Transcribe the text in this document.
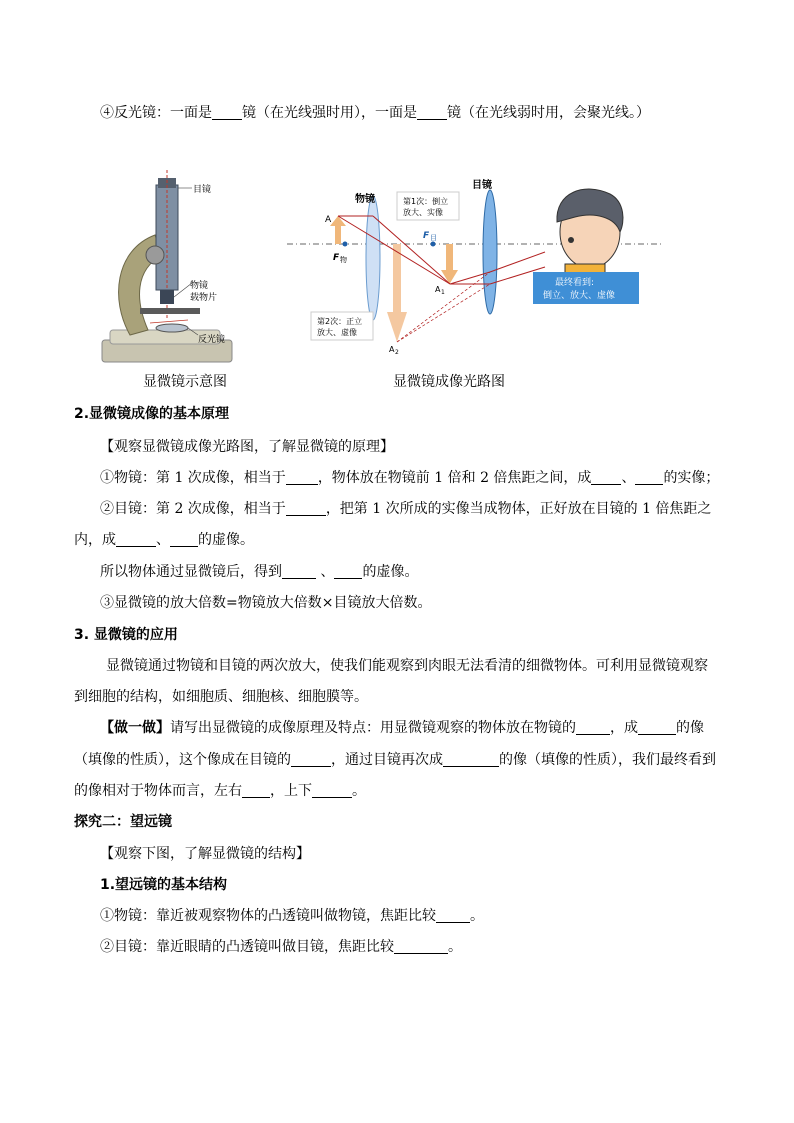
④反光镜：一面是 镜（在光线强时用），一面是 镜（在光线弱时用，会聚光线。）
目镜
物镜
载物片
反光镜
显微镜示意图
物镜
目镜
A
F 物
A 1
F 目
A 2
第1次：倒立
放大、实像
第2次：正立
放大、虚像
最终看到:
倒立、放大、虚像
显微镜成像光路图
2.显微镜成像的基本原理
【观察显微镜成像光路图，了解显微镜的原理】
①物镜：第 1 次成像，相当于 ，物体放在物镜前 1 倍和 2 倍焦距之间，成 、 的实像；
②目镜：第 2 次成像，相当于	，把第 1 次所成的实像当成物体，正好放在目镜的 1 倍焦距之
内，成	、 的虚像。
所以物体通过显微镜后，得到 、 的虚像。
③显微镜的放大倍数=物镜放大倍数×目镜放大倍数。
3. 显微镜的应用
显微镜通过物镜和目镜的两次放大，使我们能观察到肉眼无法看清的细微物体。可利用显微镜观察
到细胞的结构，如细胞质、细胞核、细胞膜等。
【做一做】请写出显微镜的成像原理及特点：用显微镜观察的物体放在物镜的 ，成	的像
（填像的性质），这个像成在目镜的	，通过目镜再次成	的像（填像的性质），我们最终看到
的像相对于物体而言，左右 ，上下	。
探究二：望远镜
【观察下图，了解显微镜的结构】
1.望远镜的基本结构
①物镜：靠近被观察物体的凸透镜叫做物镜，焦距比较 。
②目镜：靠近眼睛的凸透镜叫做目镜，焦距比较	。
